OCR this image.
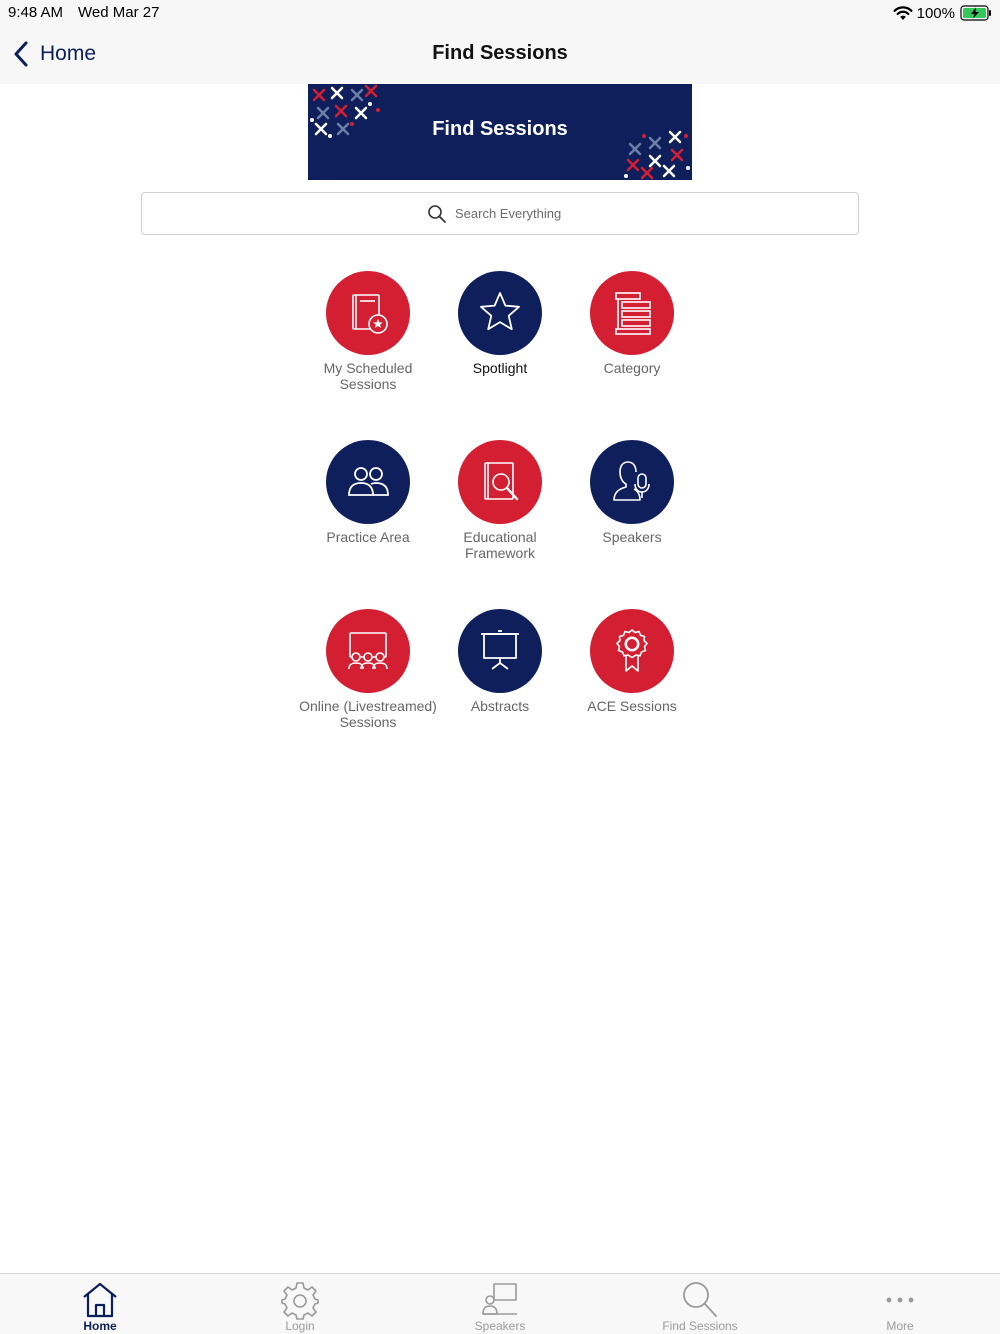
9:48 AM Wed Mar 27	100%
Home	Find Sessions
Find Sessions
Search Everything
My Scheduled Sessions
Spotlight	Category
Practice Area	Educational Framework
Speakers
Online (Livestreamed) Sessions
Abstracts	ACE Sessions
Home	Login	Speakers	Find Sessions	More
